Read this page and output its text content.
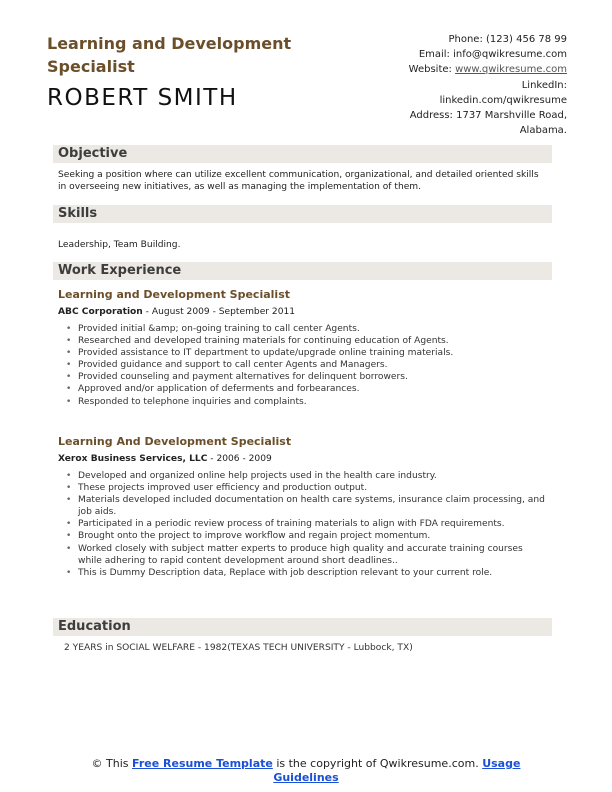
Learning and Development Specialist
ROBERT SMITH
Phone: (123) 456 78 99
Email: info@qwikresume.com
Website: www.qwikresume.com
LinkedIn:
linkedin.com/qwikresume
Address: 1737 Marshville Road,
Alabama.
Objective
Seeking a position where can utilize excellent communication, organizational, and detailed oriented skills in overseeing new initiatives, as well as managing the implementation of them.
Skills
Leadership, Team Building.
Work Experience
Learning and Development Specialist
ABC Corporation - August 2009 - September 2011
• Provided initial &amp; on-going training to call center Agents.
• Researched and developed training materials for continuing education of Agents.
• Provided assistance to IT department to update/upgrade online training materials.
• Provided guidance and support to call center Agents and Managers.
• Provided counseling and payment alternatives for delinquent borrowers.
• Approved and/or application of deferments and forbearances.
• Responded to telephone inquiries and complaints.
Learning And Development Specialist
Xerox Business Services, LLC - 2006 - 2009
• Developed and organized online help projects used in the health care industry.
• These projects improved user efficiency and production output.
• Materials developed included documentation on health care systems, insurance claim processing, and job aids.
• Participated in a periodic review process of training materials to align with FDA requirements.
• Brought onto the project to improve workflow and regain project momentum.
• Worked closely with subject matter experts to produce high quality and accurate training courses while adhering to rapid content development around short deadlines..
• This is Dummy Description data, Replace with job description relevant to your current role.
Education
2 YEARS in SOCIAL WELFARE - 1982(TEXAS TECH UNIVERSITY - Lubbock, TX)
© This Free Resume Template is the copyright of Qwikresume.com. Usage Guidelines
